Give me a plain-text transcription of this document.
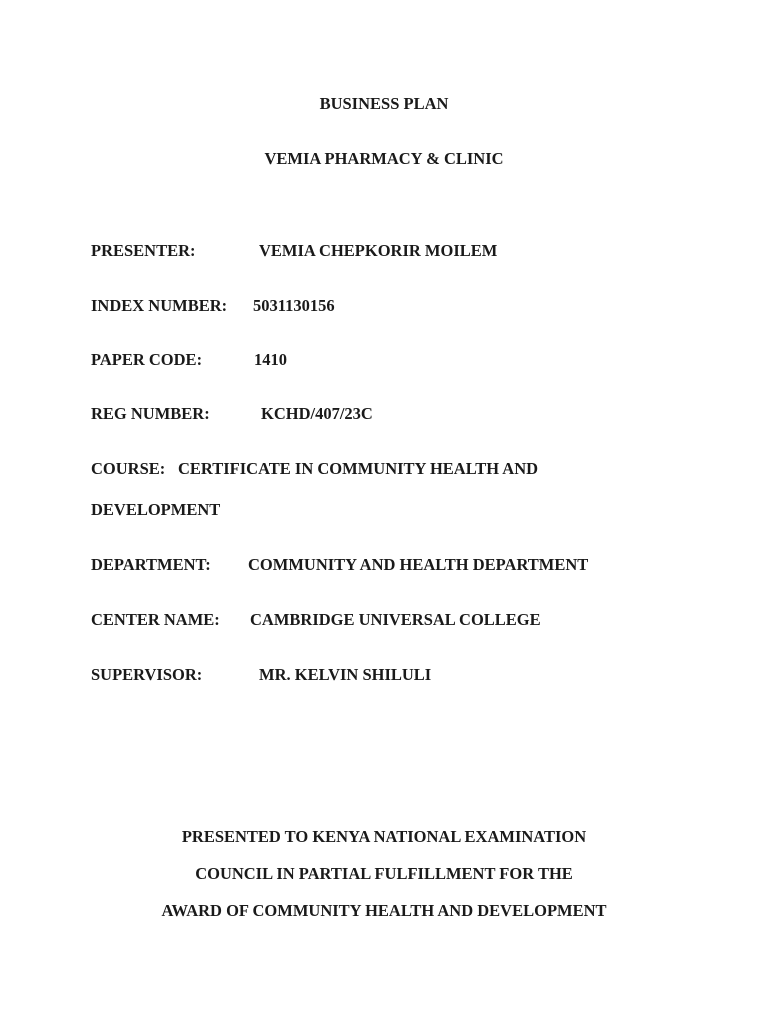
BUSINESS PLAN
VEMIA PHARMACY & CLINIC
PRESENTER:	VEMIA CHEPKORIR MOILEM
INDEX NUMBER: 5031130156
PAPER CODE:	1410
REG NUMBER:	KCHD/407/23C
COURSE: CERTIFICATE IN COMMUNITY HEALTH AND
DEVELOPMENT
DEPARTMENT: COMMUNITY AND HEALTH DEPARTMENT
CENTER NAME: CAMBRIDGE UNIVERSAL COLLEGE
SUPERVISOR:	MR. KELVIN SHILULI
PRESENTED TO KENYA NATIONAL EXAMINATION
COUNCIL IN PARTIAL FULFILLMENT FOR THE
AWARD OF COMMUNITY HEALTH AND DEVELOPMENT
